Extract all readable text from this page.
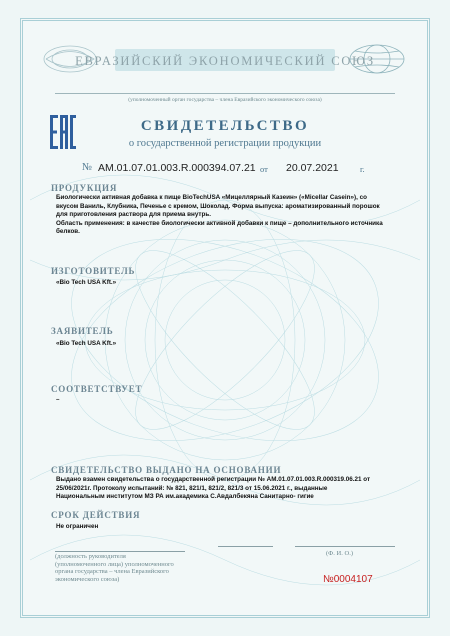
ЕВРАЗИЙСКИЙ ЭКОНОМИЧЕСКИЙ СОЮЗ
(уполномоченный орган государства – члена Евразийского экономического союза)
СВИДЕТЕЛЬСТВО
о государственной регистрации продукции
№ AM.01.07.01.003.R.000394.07.21 от 20.07.2021	г.
ПРОДУКЦИЯ
Биологически активная добавка к пище BioTechUSA «Мицеллярный Казеин» («Micellar Casein»), со
вкусом Ваниль, Клубника, Печенье с кремом, Шоколад. Форма выпуска: ароматизированный порошок
для приготовления раствора для приема внутрь.
Область применения: в качестве биологически активной добавки к пище – дополнительного источника
белков.
ИЗГОТОВИТЕЛЬ
«Bio Tech USA Kft.»
ЗАЯВИТЕЛЬ
«Bio Tech USA Kft.»
СООТВЕТСТВУЕТ
–
СВИДЕТЕЛЬСТВО ВЫДАНО НА ОСНОВАНИИ
Выдано взамен свидетельства о государственной регистрации № AM.01.07.01.003.R.000319.06.21 от
25/06/2021г. Протоколу испытаний: № 821, 821/1, 821/2, 821/3 от 15.06.2021 г., выданные
Национальным институтом МЗ РА им.академика С.Авдалбекяна Санитарно- гигие
СРОК ДЕЙСТВИЯ
Не ограничен
(должность руководителя
(уполномоченного лица) уполномоченного
органа государства – члена Евразийского
экономического союза)
(Ф. И. О.)
№0004107
